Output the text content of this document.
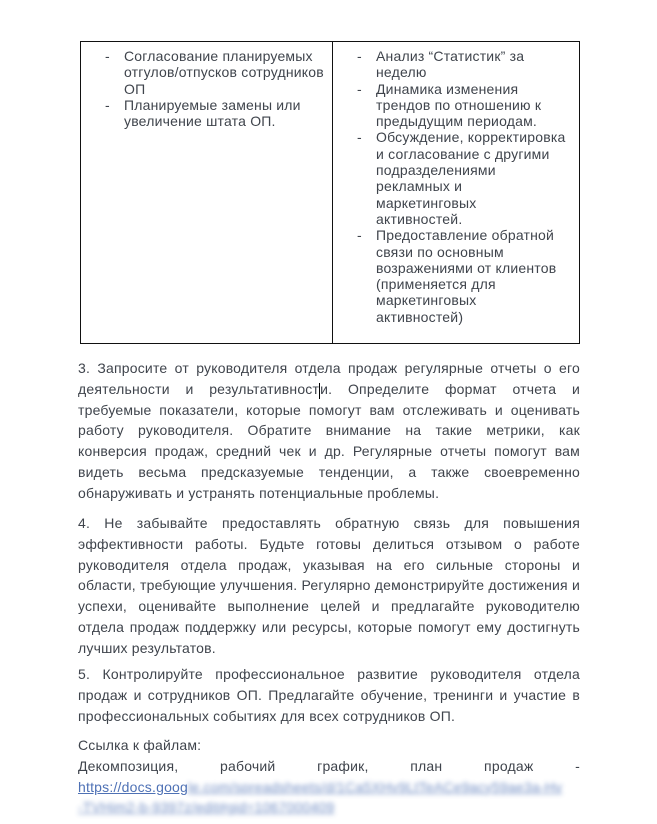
- Согласование планируемых отгулов/отпусков сотрудников ОП
- Планируемые замены или увеличение штата ОП.
- Анализ “Статистик” за неделю
- Динамика изменения трендов по отношению к предыдущим периодам.
- Обсуждение, корректировка и согласование с другими подразделениями рекламных и маркетинговых активностей.
- Предоставление обратной связи по основным возражениями от клиентов (применяется для маркетинговых активностей)

3. Запросите от руководителя отдела продаж регулярные отчеты о его деятельности и результативности. Определите формат отчета и требуемые показатели, которые помогут вам отслеживать и оценивать работу руководителя. Обратите внимание на такие метрики, как конверсия продаж, средний чек и др. Регулярные отчеты помогут вам видеть весьма предсказуемые тенденции, а также своевременно обнаруживать и устранять потенциальные проблемы.

4. Не забывайте предоставлять обратную связь для повышения эффективности работы. Будьте готовы делиться отзывом о работе руководителя отдела продаж, указывая на его сильные стороны и области, требующие улучшения. Регулярно демонстрируйте достижения и успехи, оценивайте выполнение целей и предлагайте руководителю отдела продаж поддержку или ресурсы, которые помогут ему достигнуть лучших результатов.

5. Контролируйте профессиональное развитие руководителя отдела продаж и сотрудников ОП. Предлагайте обучение, тренинги и участие в профессиональных событиях для всех сотрудников ОП.

Ссылка к файлам:
Декомпозиция, рабочий график, план продаж -
https://docs.google.com/spreadsheets/d/1Ca5XHv9LtTeACe9acy59ae3a-Hv
-TVHim2-b-9397z/edit#gid=1067000409
